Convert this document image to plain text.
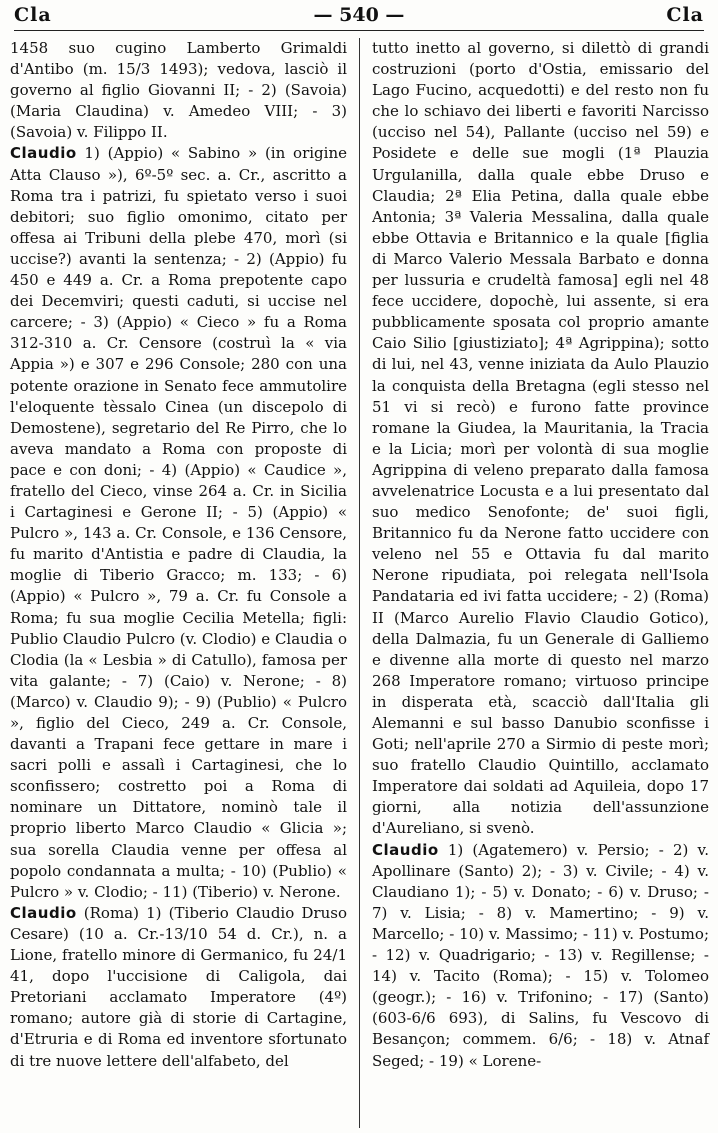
Cla	— 540 —	Cla

1458 suo cugino Lamberto Grimaldi d'Antibo (m. 15/3 1493); vedova, lasciò il governo al figlio Giovanni II; - 2) (Savoia) (Maria Claudina) v. Amedeo VIII; - 3) (Savoia) v. Filippo II.

Claudio 1) (Appio) « Sabino » (in origine Atta Clauso »), 6º-5º sec. a. Cr., ascritto a Roma tra i patrizi, fu spietato verso i suoi debitori; suo figlio omonimo, citato per offesa ai Tribuni della plebe 470, morì (si uccise?) avanti la sentenza; - 2) (Appio) fu 450 e 449 a. Cr. a Roma prepotente capo dei Decemviri; questi caduti, si uccise nel carcere; - 3) (Appio) « Cieco » fu a Roma 312-310 a. Cr. Censore (costruì la « via Appia ») e 307 e 296 Console; 280 con una potente orazione in Senato fece ammutolire l'eloquente tèssalo Cinea (un discepolo di Demostene), segretario del Re Pirro, che lo aveva mandato a Roma con proposte di pace e con doni; - 4) (Appio) « Caudice », fratello del Cieco, vinse 264 a. Cr. in Sicilia i Cartaginesi e Gerone II; - 5) (Appio) « Pulcro », 143 a. Cr. Console, e 136 Censore, fu marito d'Antistia e padre di Claudia, la moglie di Tiberio Gracco; m. 133; - 6) (Appio) « Pulcro », 79 a. Cr. fu Console a Roma; fu sua moglie Cecilia Metella; figli: Publio Claudio Pulcro (v. Clodio) e Claudia o Clodia (la « Lesbia » di Catullo), famosa per vita galante; - 7) (Caio) v. Nerone; - 8) (Marco) v. Claudio 9); - 9) (Publio) « Pulcro », figlio del Cieco, 249 a. Cr. Console, davanti a Trapani fece gettare in mare i sacri polli e assalì i Cartaginesi, che lo sconfissero; costretto poi a Roma di nominare un Dittatore, nominò tale il proprio liberto Marco Claudio « Glicia »; sua sorella Claudia venne per offesa al popolo condannata a multa; - 10) (Publio) « Pulcro » v. Clodio; - 11) (Tiberio) v. Nerone.

Claudio (Roma) 1) (Tiberio Claudio Druso Cesare) (10 a. Cr.-13/10 54 d. Cr.), n. a Lione, fratello minore di Germanico, fu 24/1 41, dopo l'uccisione di Caligola, dai Pretoriani acclamato Imperatore (4º) romano; autore già di storie di Cartagine, d'Etruria e di Roma ed inventore sfortunato di tre nuove lettere dell'alfabeto, del

tutto inetto al governo, si dilettò di grandi costruzioni (porto d'Ostia, emissario del Lago Fucino, acquedotti) e del resto non fu che lo schiavo dei liberti e favoriti Narcisso (ucciso nel 54), Pallante (ucciso nel 59) e Posidete e delle sue mogli (1ª Plauzia Urgulanilla, dalla quale ebbe Druso e Claudia; 2ª Elia Petina, dalla quale ebbe Antonia; 3ª Valeria Messalina, dalla quale ebbe Ottavia e Britannico e la quale [figlia di Marco Valerio Messala Barbato e donna per lussuria e crudeltà famosa] egli nel 48 fece uccidere, dopochè, lui assente, si era pubblicamente sposata col proprio amante Caio Silio [giustiziato]; 4ª Agrippina); sotto di lui, nel 43, venne iniziata da Aulo Plauzio la conquista della Bretagna (egli stesso nel 51 vi si recò) e furono fatte province romane la Giudea, la Mauritania, la Tracia e la Licia; morì per volontà di sua moglie Agrippina di veleno preparato dalla famosa avvelenatrice Locusta e a lui presentato dal suo medico Senofonte; de' suoi figli, Britannico fu da Nerone fatto uccidere con veleno nel 55 e Ottavia fu dal marito Nerone ripudiata, poi relegata nell'Isola Pandataria ed ivi fatta uccidere; - 2) (Roma) II (Marco Aurelio Flavio Claudio Gotico), della Dalmazia, fu un Generale di Galliemo e divenne alla morte di questo nel marzo 268 Imperatore romano; virtuoso principe in disperata età, scacciò dall'Italia gli Alemanni e sul basso Danubio sconfisse i Goti; nell'aprile 270 a Sirmio di peste morì; suo fratello Claudio Quintillo, acclamato Imperatore dai soldati ad Aquileia, dopo 17 giorni, alla notizia dell'assunzione d'Aureliano, si svenò.

Claudio 1) (Agatemero) v. Persio; - 2) v. Apollinare (Santo) 2); - 3) v. Civile; - 4) v. Claudiano 1); - 5) v. Donato; - 6) v. Druso; - 7) v. Lisia; - 8) v. Mamertino; - 9) v. Marcello; - 10) v. Massimo; - 11) v. Postumo; - 12) v. Quadrigario; - 13) v. Regillense; - 14) v. Tacito (Roma); - 15) v. Tolomeo (geogr.); - 16) v. Trifonino; - 17) (Santo) (603-6/6 693), di Salins, fu Vescovo di Besançon; commem. 6/6; - 18) v. Atnaf Seged; - 19) « Lorene-
